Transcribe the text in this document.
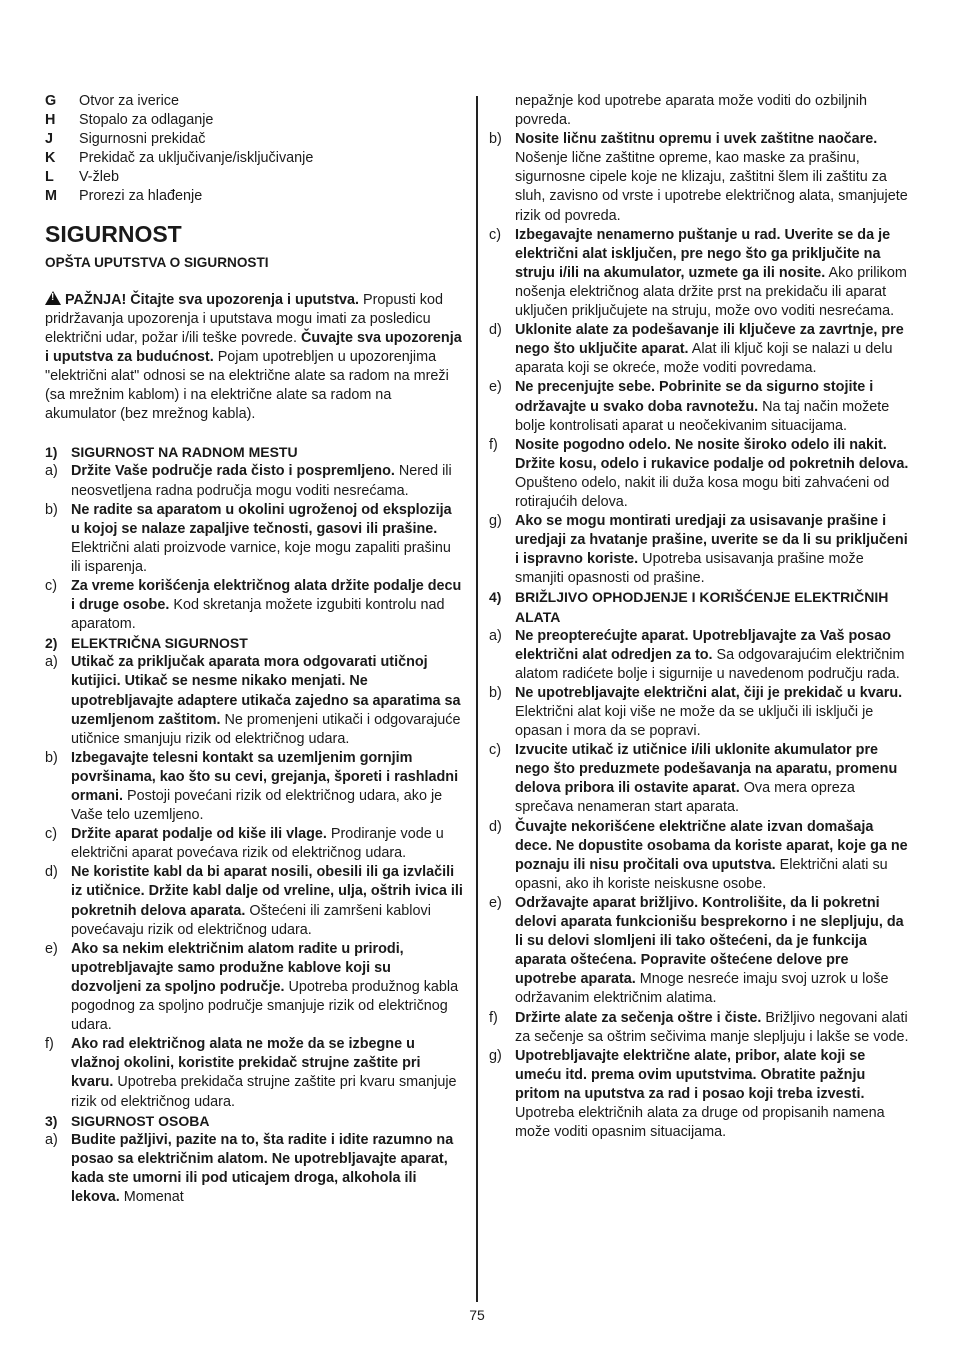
G	Otvor za iverice
H	Stopalo za odlaganje
J	Sigurnosni prekidač
K	Prekidač za uključivanje/isključivanje
L	V-žleb
M	Prorezi za hlađenje
SIGURNOST
OPŠTA UPUTSTVA O SIGURNOSTI

! PAŽNJA! Čitajte sva upozorenja i uputstva. Propusti kod pridržavanja upozorenja i uputstava mogu imati za posledicu električni udar, požar i/ili teške povrede. Čuvajte sva upozorenja i uputstva za budućnost. Pojam upotrebljen u upozorenjima "električni alat" odnosi se na električne alate sa radom na mreži (sa mrežnim kablom) i na električne alate sa radom na akumulator (bez mrežnog kabla).

1) SIGURNOST NA RADNOM MESTU
a) Držite Vaše područje rada čisto i pospremljeno. Nered ili neosvetljena radna područja mogu voditi nesrećama.
b) Ne radite sa aparatom u okolini ugroženoj od eksplozija u kojoj se nalaze zapaljive tečnosti, gasovi ili prašine. Električni alati proizvode varnice, koje mogu zapaliti prašinu ili isparenja.
c) Za vreme korišćenja električnog alata držite podalje decu i druge osobe. Kod skretanja možete izgubiti kontrolu nad aparatom.
2) ELEKTRIČNA SIGURNOST
a) Utikač za priključak aparata mora odgovarati utičnoj kutijici. Utikač se nesme nikako menjati. Ne upotrebljavajte adaptere utikača zajedno sa aparatima sa uzemljenom zaštitom. Ne promenjeni utikači i odgovarajuće utičnice smanjuju rizik od električnog udara.
b) Izbegavajte telesni kontakt sa uzemljenim gornjim površinama, kao što su cevi, grejanja, šporeti i rashladni ormani. Postoji povećani rizik od električnog udara, ako je Vaše telo uzemljeno.
c) Držite aparat podalje od kiše ili vlage. Prodiranje vode u električni aparat povećava rizik od električnog udara.
d) Ne koristite kabl da bi aparat nosili, obesili ili ga izvlačili iz utičnice. Držite kabl dalje od vreline, ulja, oštrih ivica ili pokretnih delova aparata. Oštećeni ili zamršeni kablovi povećavaju rizik od električnog udara.
e) Ako sa nekim električnim alatom radite u prirodi, upotrebljavajte samo produžne kablove koji su dozvoljeni za spoljno područje. Upotreba produžnog kabla pogodnog za spoljno područje smanjuje rizik od električnog udara.
f)	Ako rad električnog alata ne može da se izbegne u vlažnoj okolini, koristite prekidač strujne zaštite pri kvaru. Upotreba prekidača strujne zaštite pri kvaru smanjuje rizik od električnog udara.
3) SIGURNOST OSOBA
a) Budite pažljivi, pazite na to, šta radite i idite razumno na posao sa električnim alatom. Ne upotrebljavajte aparat, kada ste umorni ili pod uticajem droga, alkohola ili lekova. Momenat
nepažnje kod upotrebe aparata može voditi do ozbiljnih povreda.
b) Nosite ličnu zaštitnu opremu i uvek zaštitne naočare. Nošenje lične zaštitne opreme, kao maske za prašinu, sigurnosne cipele koje ne klizaju, zaštitni šlem ili zaštitu za sluh, zavisno od vrste i upotrebe električnog alata, smanjujete rizik od povreda.
c) Izbegavajte nenamerno puštanje u rad. Uverite se da je električni alat isključen, pre nego što ga priključite na struju i/ili na akumulator, uzmete ga ili nosite. Ako prilikom nošenja električnog alata držite prst na prekidaču ili aparat uključen priključujete na struju, može ovo voditi nesrećama.
d) Uklonite alate za podešavanje ili ključeve za zavrtnje, pre nego što uključite aparat. Alat ili ključ koji se nalazi u delu aparata koji se okreće, može voditi povredama.
e) Ne precenjujte sebe. Pobrinite se da sigurno stojite i održavajte u svako doba ravnotežu. Na taj način možete bolje kontrolisati aparat u neočekivanim situacijama.
f)	Nosite pogodno odelo. Ne nosite široko odelo ili nakit. Držite kosu, odelo i rukavice podalje od pokretnih delova. Opušteno odelo, nakit ili duža kosa mogu biti zahvaćeni od rotirajućih delova.
g) Ako se mogu montirati uredjaji za usisavanje prašine i uredjaji za hvatanje prašine, uverite se da li su priključeni i ispravno koriste. Upotreba usisavanja prašine može smanjiti opasnosti od prašine.
4) BRIŽLJIVO OPHODJENJE I KORIŠĆENJE ELEKTRIČNIH ALATA
a) Ne preopterećujte aparat. Upotrebljavajte za Vaš posao električni alat odredjen za to. Sa odgovarajućim električnim alatom radićete bolje i sigurnije u navedenom području rada.
b) Ne upotrebljavajte električni alat, čiji je prekidač u kvaru. Električni alat koji više ne može da se uključi ili isključi je opasan i mora da se popravi.
c) Izvucite utikač iz utičnice i/ili uklonite akumulator pre nego što preduzmete podešavanja na aparatu, promenu delova pribora ili ostavite aparat. Ova mera opreza sprečava nenameran start aparata.
d) Čuvajte nekorišćene električne alate izvan domašaja dece. Ne dopustite osobama da koriste aparat, koje ga ne poznaju ili nisu pročitali ova uputstva. Električni alati su opasni, ako ih koriste neiskusne osobe.
e) Održavajte aparat brižljivo. Kontrolišite, da li pokretni delovi aparata funkcionišu besprekorno i ne slepljuju, da li su delovi slomljeni ili tako oštećeni, da je funkcija aparata oštećena. Popravite oštećene delove pre upotrebe aparata. Mnoge nesreće imaju svoj uzrok u loše održavanim električnim alatima.
f)	Držirte alate za sečenja oštre i čiste. Brižljivo negovani alati za sečenje sa oštrim sečivima manje slepljuju i lakše se vode.
g) Upotrebljavajte električne alate, pribor, alate koji se umeću itd. prema ovim uputstvima. Obratite pažnju pritom na uputstva za rad i posao koji treba izvesti. Upotreba električnih alata za druge od propisanih namena može voditi opasnim situacijama.
75
